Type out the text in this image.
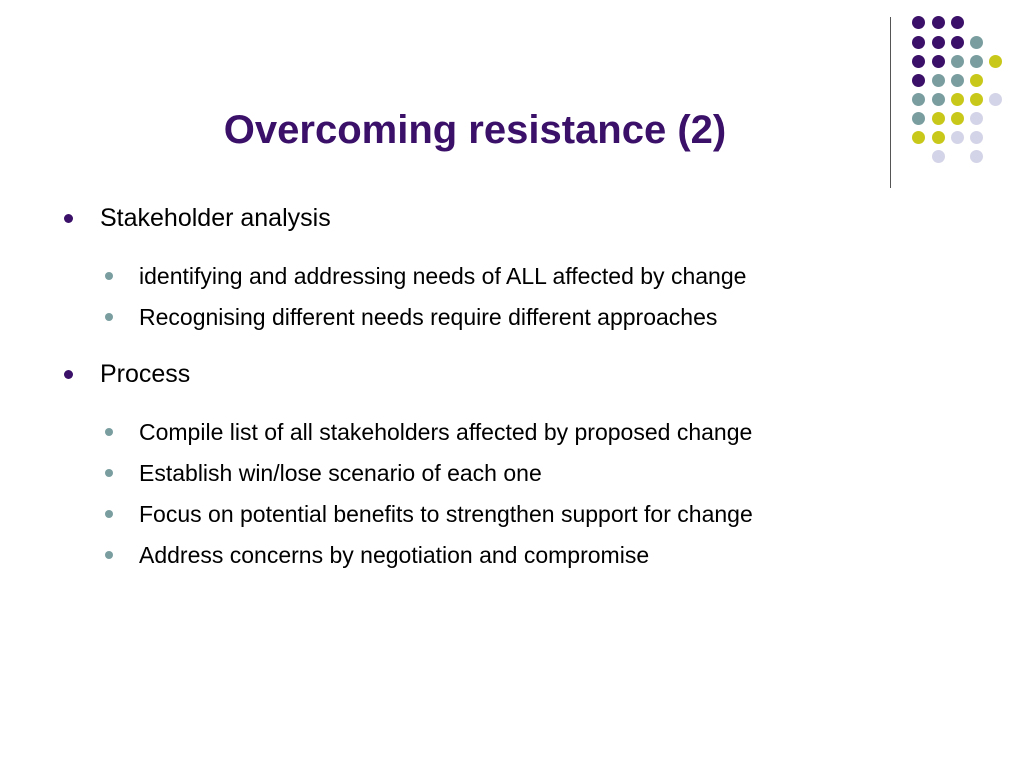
Overcoming resistance (2)
Stakeholder analysis
identifying and addressing needs of ALL affected by change
Recognising different needs require different approaches
Process
Compile list of all stakeholders affected by proposed change
Establish win/lose scenario of each one
Focus on potential benefits to strengthen support for change
Address concerns by negotiation and compromise
